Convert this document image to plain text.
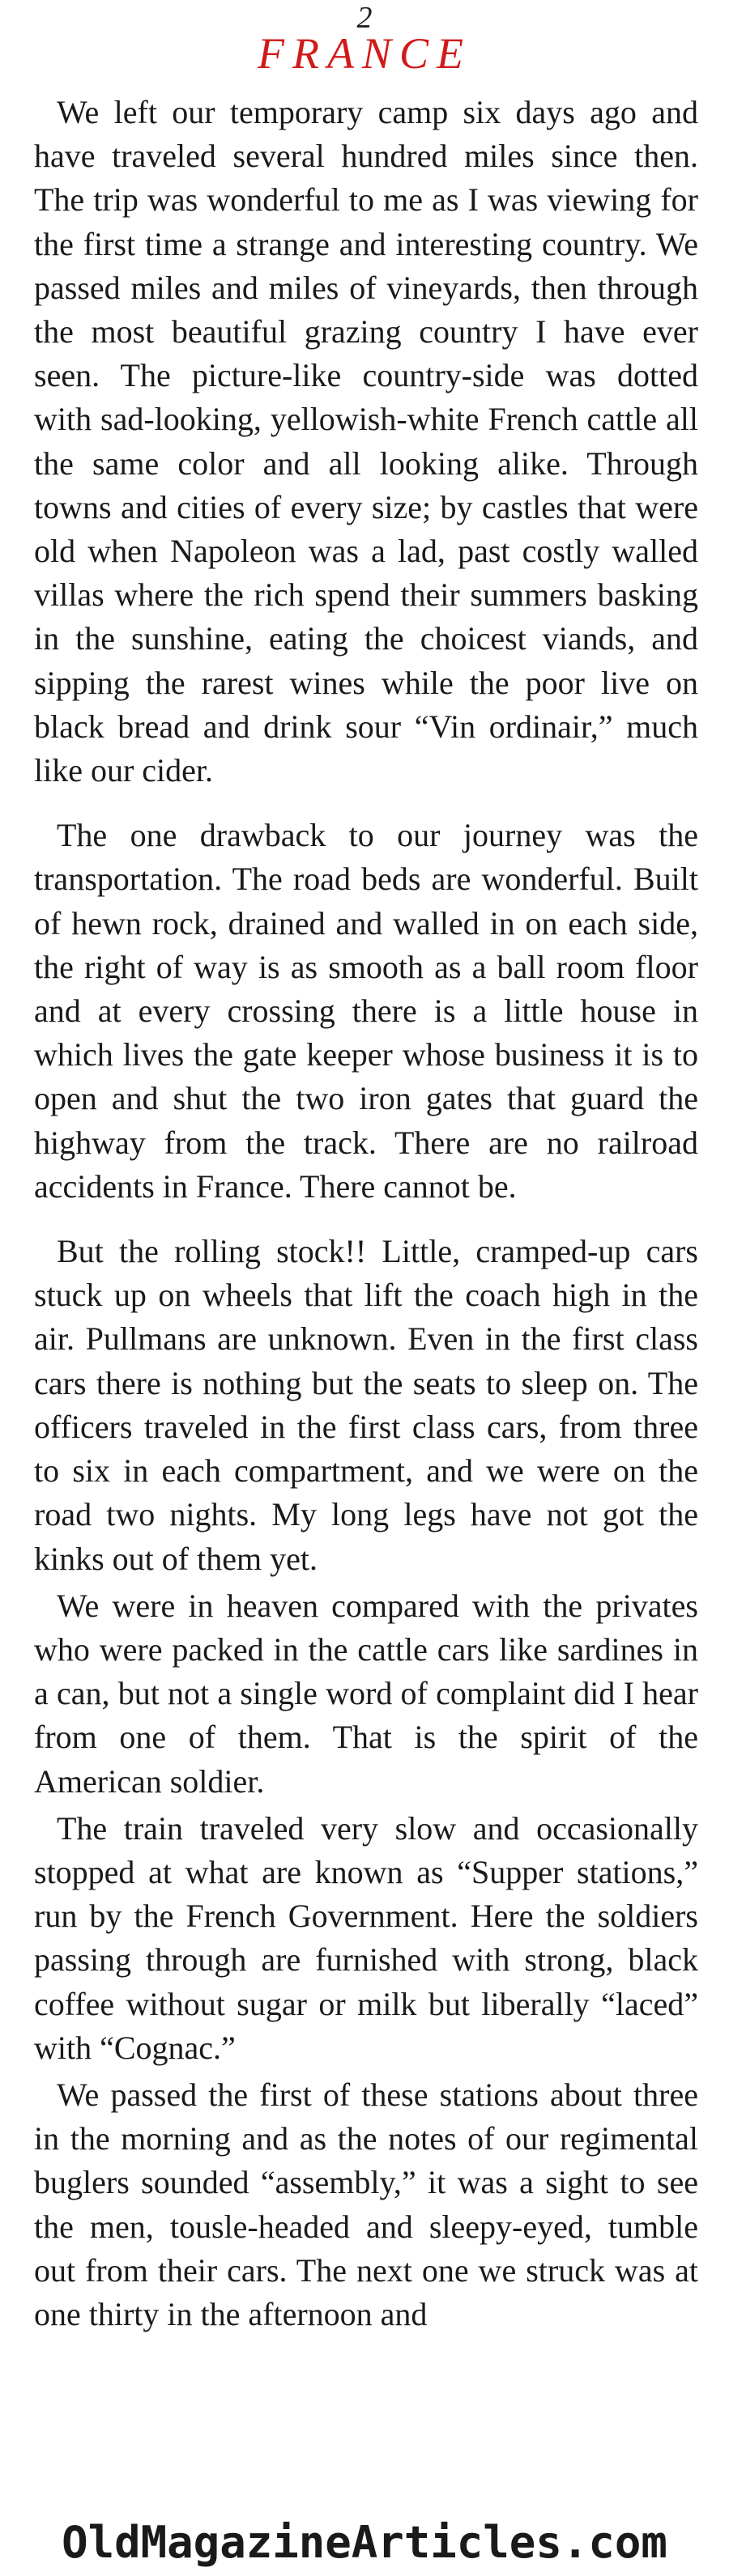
2
FRANCE

We left our temporary camp six days ago and have traveled several hundred miles since then. The trip was wonderful to me as I was viewing for the first time a strange and interesting country. We passed miles and miles of vineyards, then through the most beautiful grazing country I have ever seen. The picture-like country-side was dotted with sad-looking, yellowish-white French cattle all the same color and all looking alike. Through towns and cities of every size; by castles that were old when Napoleon was a lad, past costly walled villas where the rich spend their summers basking in the sunshine, eating the choicest viands, and sipping the rarest wines while the poor live on black bread and drink sour “Vin ordinair,” much like our cider.

The one drawback to our journey was the transportation. The road beds are wonderful. Built of hewn rock, drained and walled in on each side, the right of way is as smooth as a ball room floor and at every crossing there is a little house in which lives the gate keeper whose business it is to open and shut the two iron gates that guard the highway from the track. There are no railroad accidents in France. There cannot be.

But the rolling stock!! Little, cramped-up cars stuck up on wheels that lift the coach high in the air. Pullmans are unknown. Even in the first class cars there is nothing but the seats to sleep on. The officers traveled in the first class cars, from three to six in each compartment, and we were on the road two nights. My long legs have not got the kinks out of them yet.

We were in heaven compared with the privates who were packed in the cattle cars like sardines in a can, but not a single word of complaint did I hear from one of them. That is the spirit of the American soldier.

The train traveled very slow and occasionally stopped at what are known as “Supper stations,” run by the French Government. Here the soldiers passing through are furnished with strong, black coffee without sugar or milk but liberally “laced” with “Cognac.”

We passed the first of these stations about three in the morning and as the notes of our regimental buglers sounded “assembly,” it was a sight to see the men, tousle-headed and sleepy-eyed, tumble out from their cars. The next one we struck was at one thirty in the afternoon and

OldMagazineArticles.com
